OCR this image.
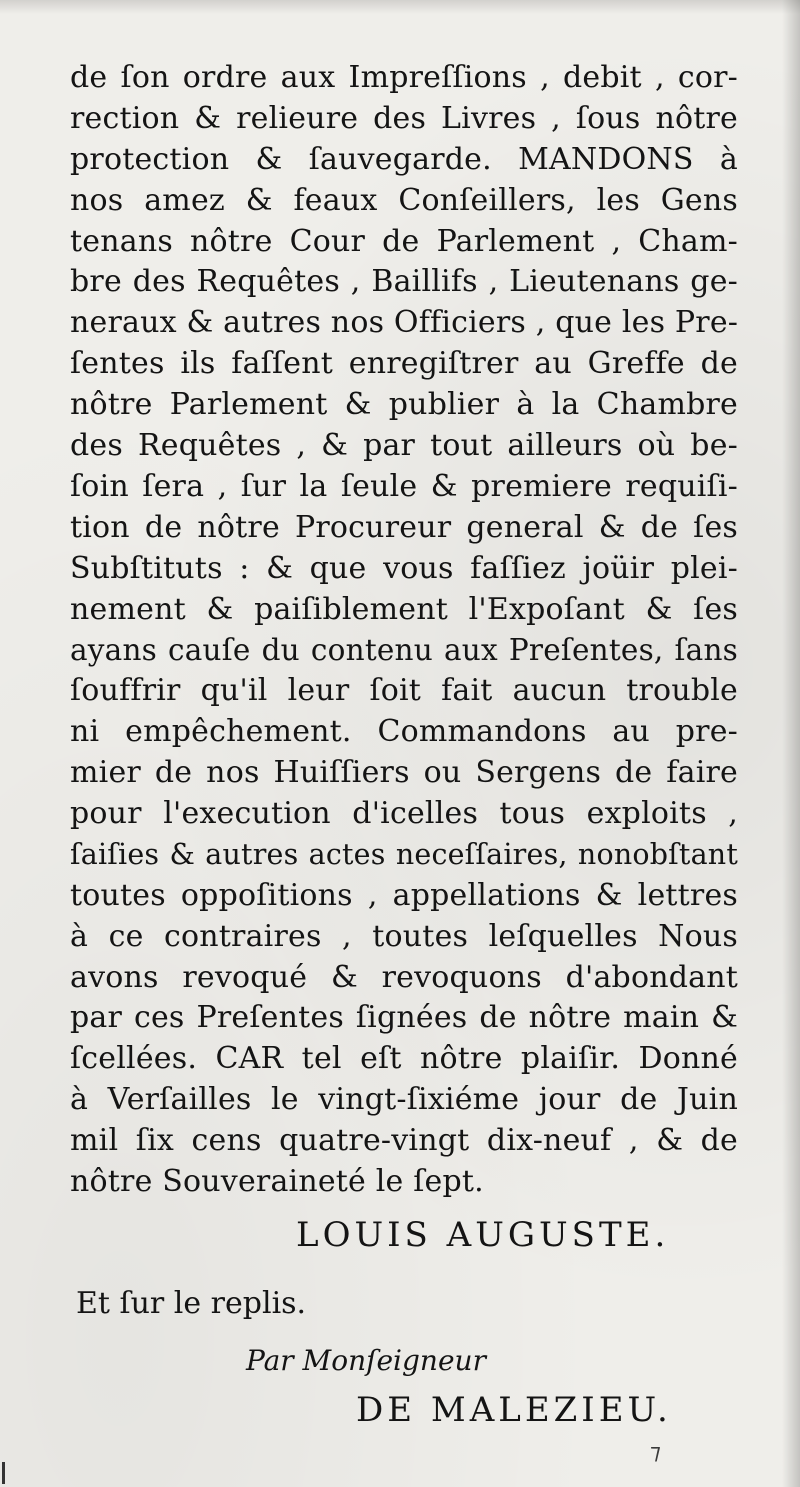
de ſon ordre aux Impreſſions , debit , cor-
rection & relieure des Livres , ſous nôtre
protection & ſauvegarde. MANDONS à
nos amez & feaux Conſeillers, les Gens
tenans nôtre Cour de Parlement , Cham-
bre des Requêtes , Baillifs , Lieutenans ge-
neraux & autres nos Officiers , que les Pre-
ſentes ils faſſent enregiſtrer au Greffe de
nôtre Parlement & publier à la Chambre
des Requêtes , & par tout ailleurs où be-
ſoin ſera , ſur la ſeule & premiere requiſi-
tion de nôtre Procureur general & de ſes
Subſtituts : & que vous faſſiez joüir plei-
nement & paiſiblement l'Expoſant & ſes
ayans cauſe du contenu aux Preſentes, ſans
ſouffrir qu'il leur ſoit fait aucun trouble
ni empêchement. Commandons au pre-
mier de nos Huiſſiers ou Sergens de faire
pour l'execution d'icelles tous exploits ,
ſaiſies & autres actes neceſſaires, nonobſtant
toutes oppoſitions , appellations & lettres
à ce contraires , toutes leſquelles Nous
avons revoqué & revoquons d'abondant
par ces Preſentes ſignées de nôtre main &
ſcellées. CAR tel eſt nôtre plaiſir. Donné
à Verſailles le vingt-ſixiéme jour de Juin
mil ſix cens quatre-vingt dix-neuf , & de
nôtre Souveraineté le ſept.
LOUIS AUGUSTE.
Et ſur le replis.
Par Monſeigneur
DE MALEZIEU.
⁊
